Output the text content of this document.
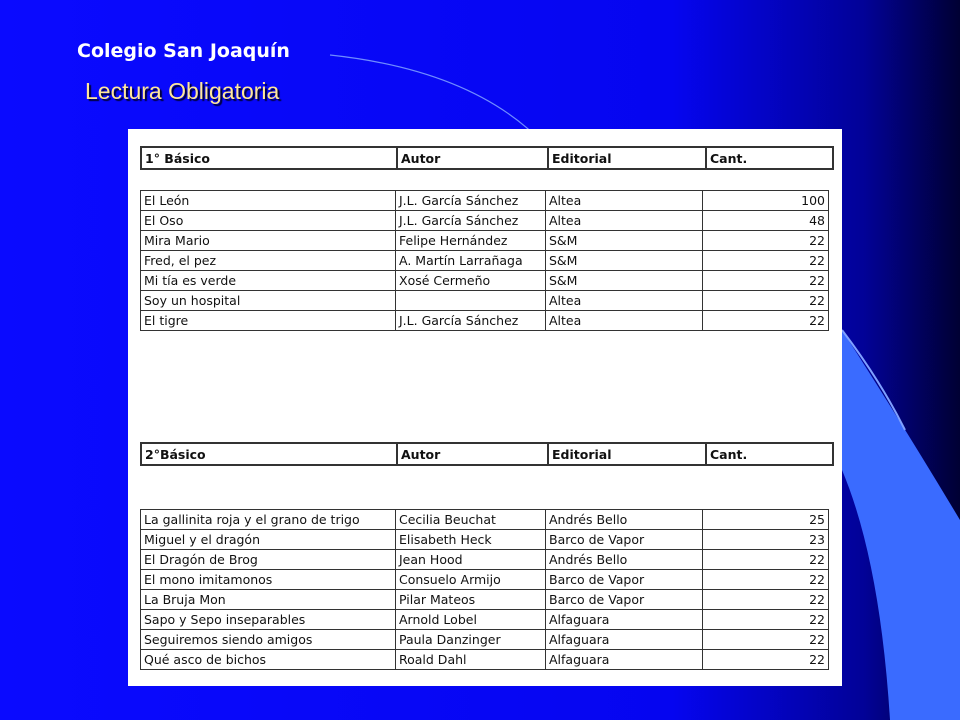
Colegio San Joaquín
Lectura Obligatoria
1° Básico	Autor	Editorial	Cant.
El León	J.L. García Sánchez	Altea	100
El Oso	J.L. García Sánchez	Altea	48
Mira Mario	Felipe Hernández	S&M	22
Fred, el pez	A. Martín Larrañaga	S&M	22
Mi tía es verde	Xosé Cermeño	S&M	22
Soy un hospital		Altea	22
El tigre	J.L. García Sánchez	Altea	22
2°Básico	Autor	Editorial	Cant.
La gallinita roja y el grano de trigo	Cecilia Beuchat	Andrés Bello	25
Miguel y el dragón	Elisabeth Heck	Barco de Vapor	23
El Dragón de Brog	Jean Hood	Andrés Bello	22
El mono imitamonos	Consuelo Armijo	Barco de Vapor	22
La Bruja Mon	Pilar Mateos	Barco de Vapor	22
Sapo y Sepo inseparables	Arnold Lobel	Alfaguara	22
Seguiremos siendo amigos	Paula Danzinger	Alfaguara	22
Qué asco de bichos	Roald Dahl	Alfaguara	22
